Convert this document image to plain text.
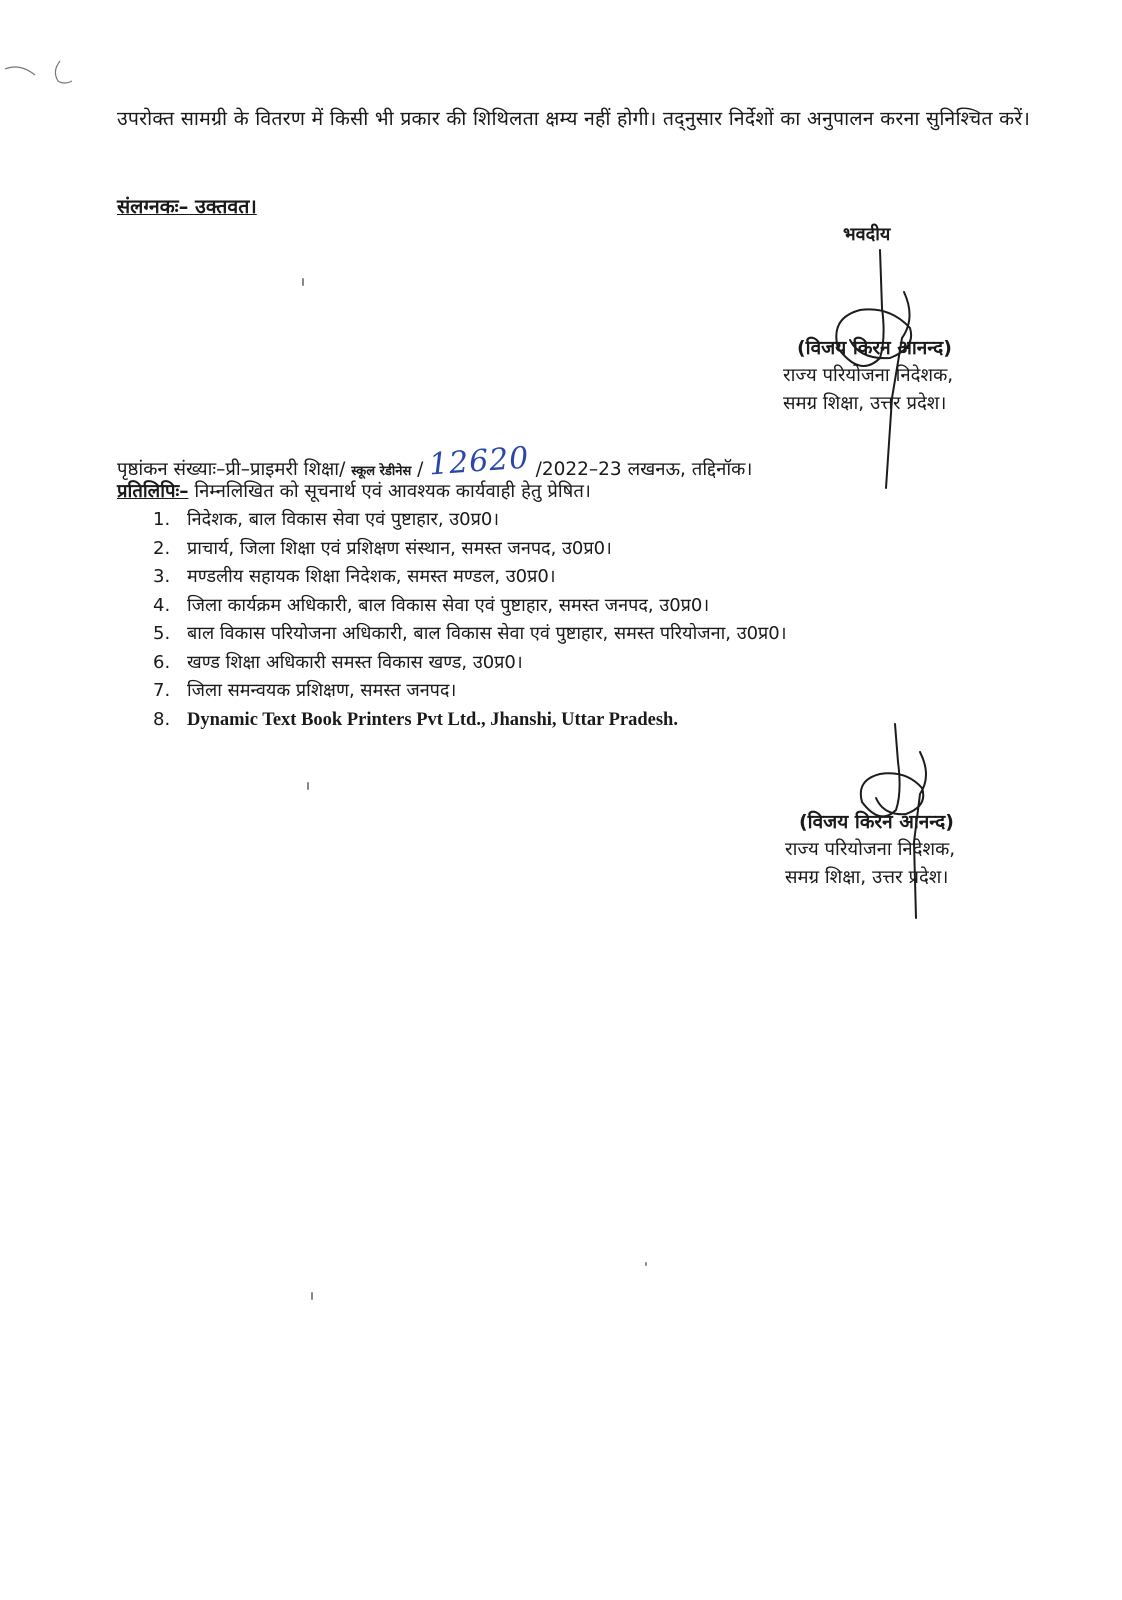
उपरोक्त सामग्री के वितरण में किसी भी प्रकार की शिथिलता क्षम्य नहीं होगी। तद्नुसार निर्देशों का अनुपालन करना सुनिश्चित करें।

संलग्नकः– उक्तवत।

भवदीय
(विजय किरन आनन्द)
राज्य परियोजना निदेशक,
समग्र शिक्षा, उत्तर प्रदेश।
पृष्ठांकन संख्याः–प्री–प्राइमरी शिक्षा/ स्कूल रेडीनेस / 12620 /2022–23 लखनऊ, तद्दिनॉक।
प्रतिलिपिः– निम्नलिखित को सूचनार्थ एवं आवश्यक कार्यवाही हेतु प्रेषित।
1. निदेशक, बाल विकास सेवा एवं पुष्टाहार, उ0प्र0।
2. प्राचार्य, जिला शिक्षा एवं प्रशिक्षण संस्थान, समस्त जनपद, उ0प्र0।
3. मण्डलीय सहायक शिक्षा निदेशक, समस्त मण्डल, उ0प्र0।
4. जिला कार्यक्रम अधिकारी, बाल विकास सेवा एवं पुष्टाहार, समस्त जनपद, उ0प्र0।
5. बाल विकास परियोजना अधिकारी, बाल विकास सेवा एवं पुष्टाहार, समस्त परियोजना, उ0प्र0।
6. खण्ड शिक्षा अधिकारी समस्त विकास खण्ड, उ0प्र0।
7. जिला समन्वयक प्रशिक्षण, समस्त जनपद।
8. Dynamic Text Book Printers Pvt Ltd., Jhanshi, Uttar Pradesh.
(विजय किरन आनन्द)
राज्य परियोजना निदेशक,
समग्र शिक्षा, उत्तर प्रदेश।
